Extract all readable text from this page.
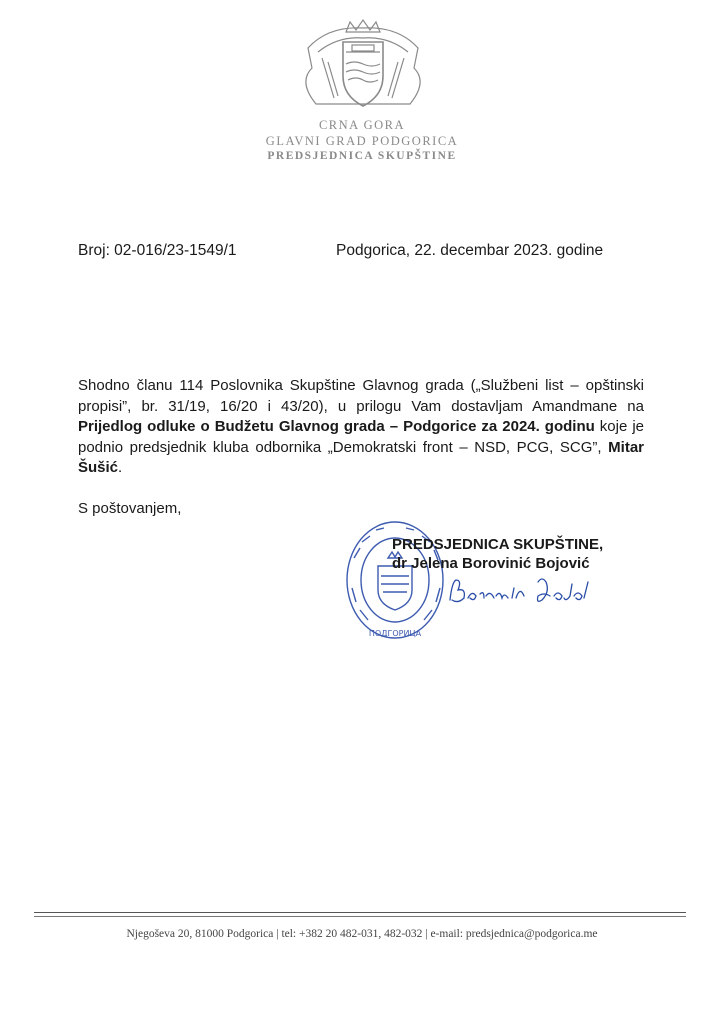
CRNA GORA
GLAVNI GRAD PODGORICA
PREDSJEDNICA SKUPŠTINE
Broj: 02-016/23-1549/1	Podgorica, 22. decembar 2023. godine
Shodno članu 114 Poslovnika Skupštine Glavnog grada („Službeni list – opštinski propisi”, br. 31/19, 16/20 i 43/20), u prilogu Vam dostavljam Amandmane na Prijedlog odluke o Budžetu Glavnog grada – Podgorice za 2024. godinu koje je podnio predsjednik kluba odbornika „Demokratski front – NSD, PCG, SCG”, Mitar Šušić.
S poštovanjem,
ПОДГОРИЦА
PREDSJEDNICA SKUPŠTINE,
dr Jelena Borovinić Bojović
Njegoševa 20, 81000 Podgorica | tel: +382 20 482-031, 482-032 | e-mail: predsjednica@podgorica.me
